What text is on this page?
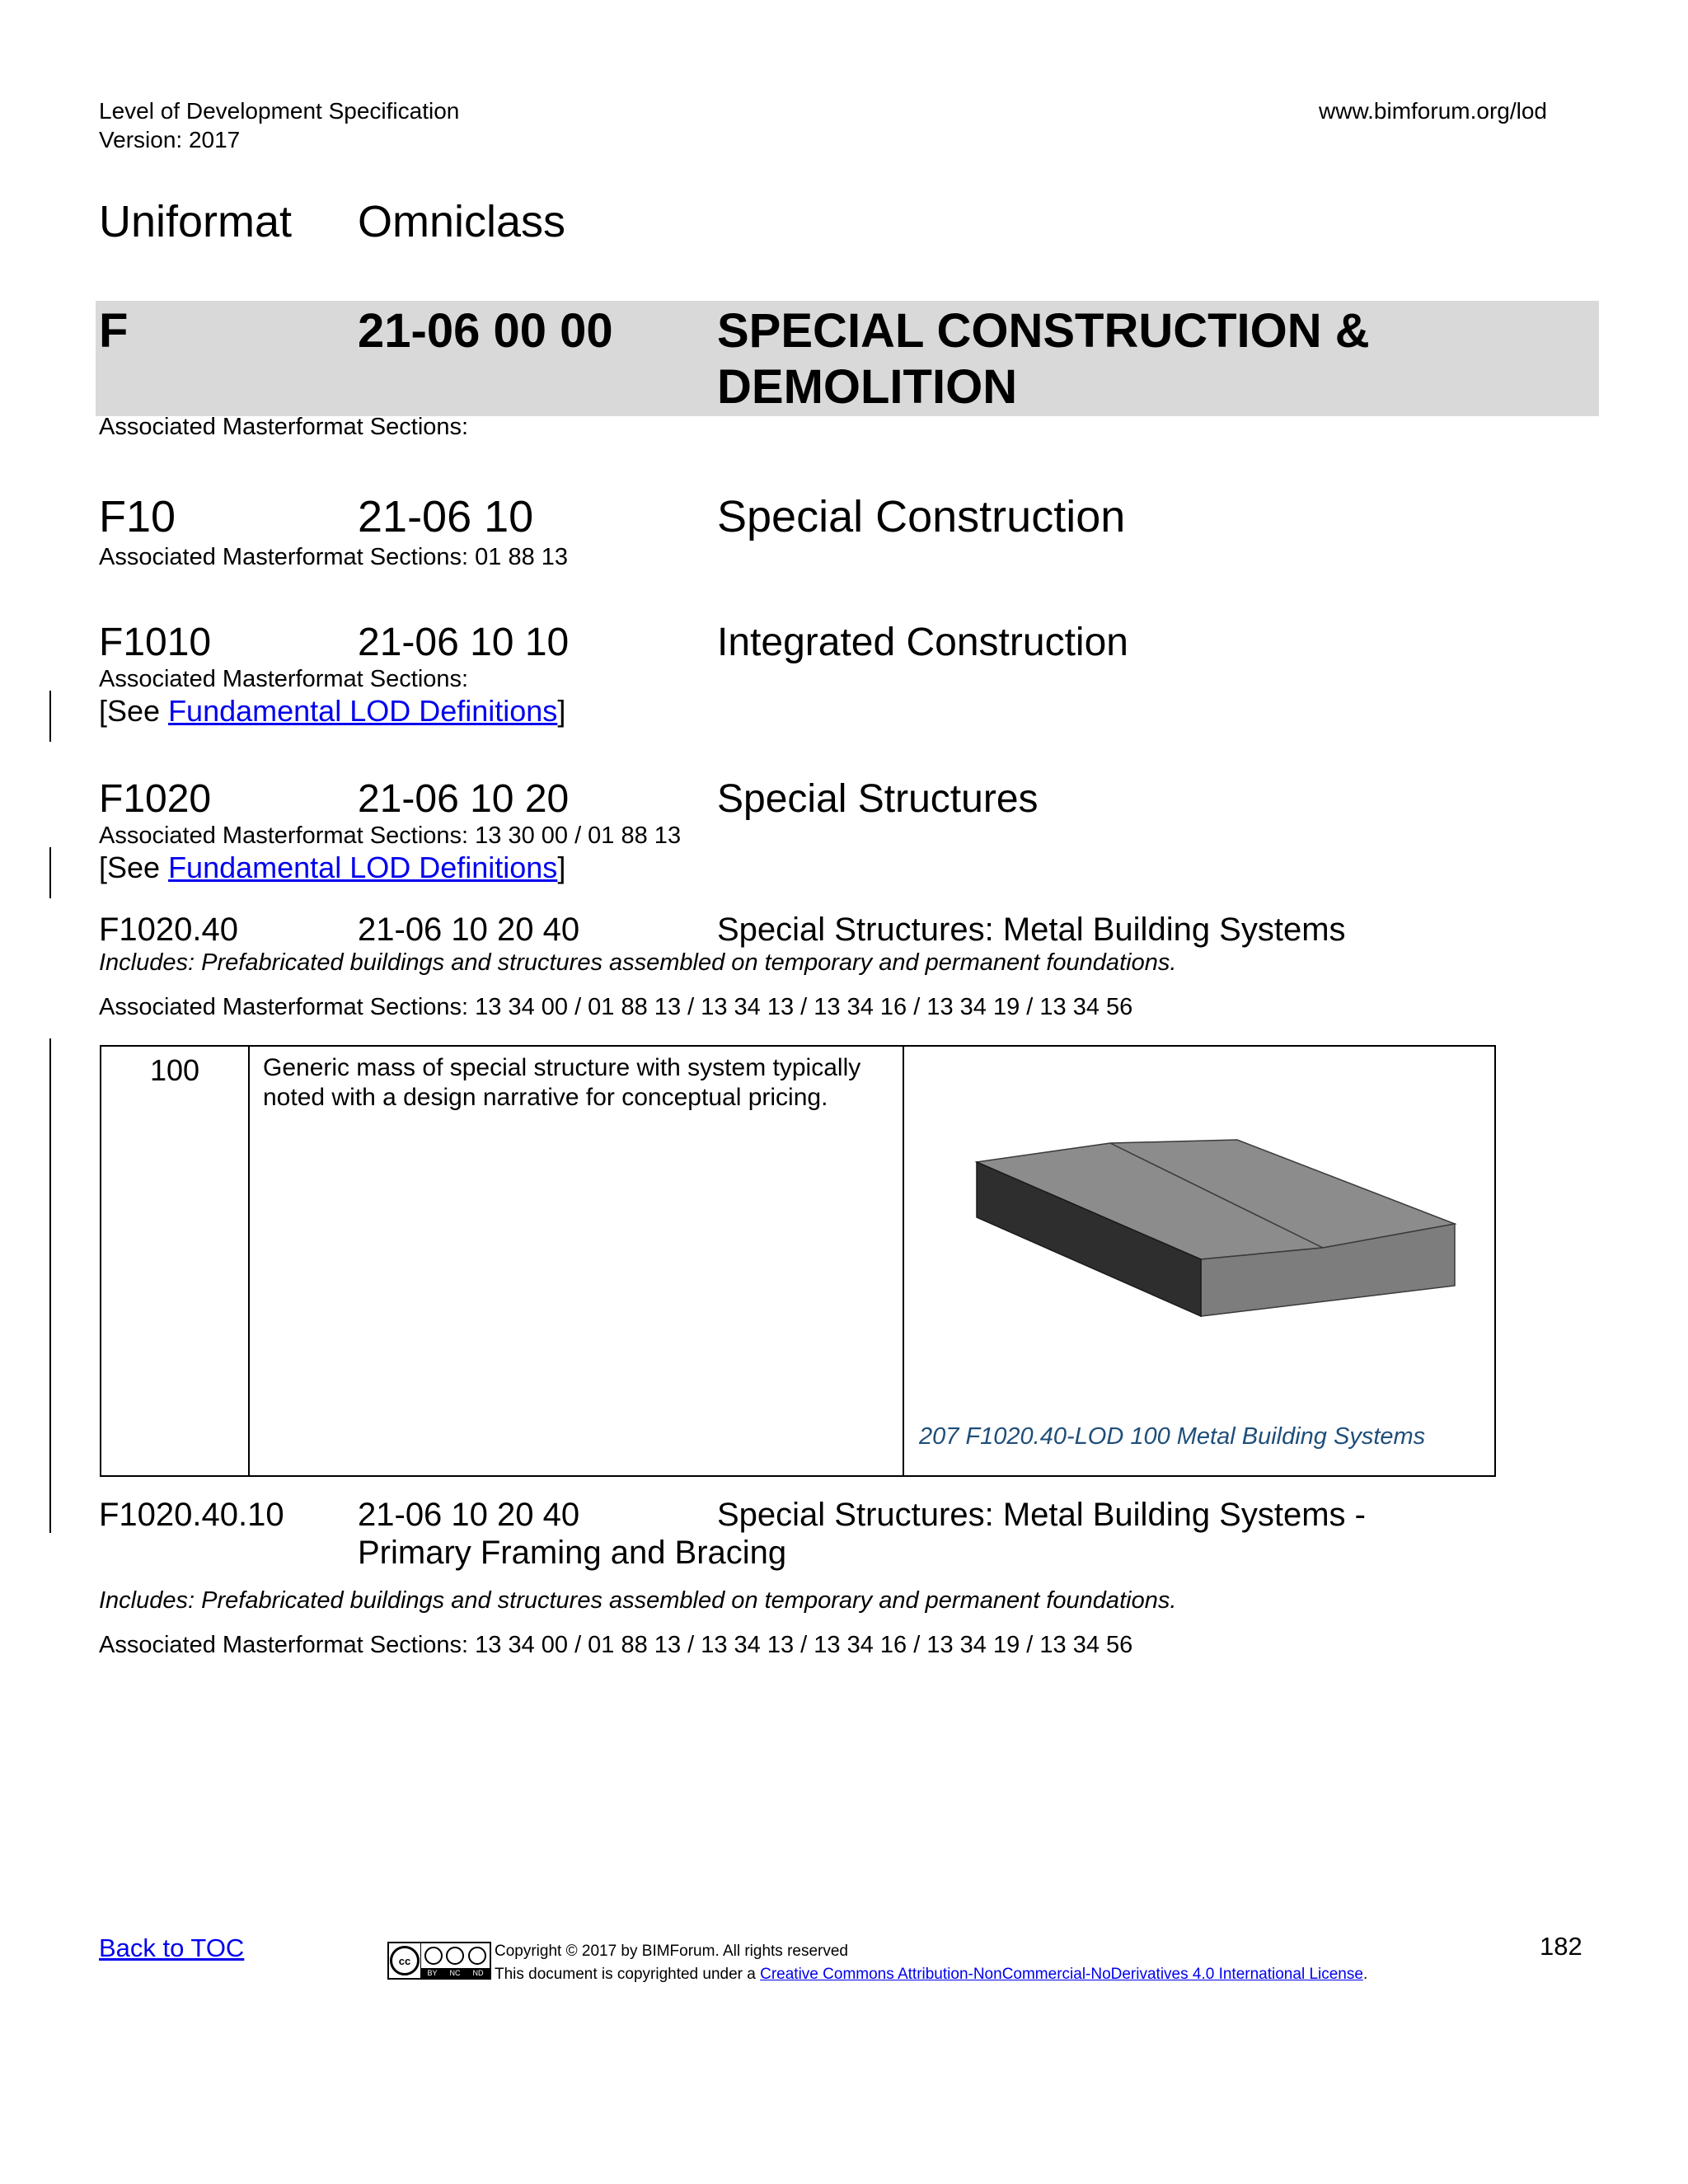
Level of Development Specification
Version: 2017
www.bimforum.org/lod
Uniformat Omniclass
F	21-06 00 00 SPECIAL CONSTRUCTION &
DEMOLITION
Associated Masterformat Sections:
F10	21-06 10	Special Construction
Associated Masterformat Sections: 01 88 13
F1010	21-06 10 10	Integrated Construction
Associated Masterformat Sections:
[See Fundamental LOD Definitions]
F1020	21-06 10 20	Special Structures
Associated Masterformat Sections: 13 30 00 / 01 88 13
[See Fundamental LOD Definitions]
F1020.40	21-06 10 20 40	Special Structures: Metal Building Systems
Includes: Prefabricated buildings and structures assembled on temporary and permanent foundations.
Associated Masterformat Sections: 13 34 00 / 01 88 13 / 13 34 13 / 13 34 16 / 13 34 19 / 13 34 56
100	Generic mass of special structure with system typically noted with a design narrative for conceptual pricing.	
207 F1020.40-LOD 100 Metal Building Systems
F1020.40.10 21-06 10 20 40	Special Structures: Metal Building Systems -
Primary Framing and Bracing
Includes: Prefabricated buildings and structures assembled on temporary and permanent foundations.
Associated Masterformat Sections: 13 34 00 / 01 88 13 / 13 34 13 / 13 34 16 / 13 34 19 / 13 34 56
Back to TOC	cc
BY NC ND
Copyright © 2017 by BIMForum. All rights reserved
This document is copyrighted under a Creative Commons Attribution-NonCommercial-NoDerivatives 4.0 International License.
182
